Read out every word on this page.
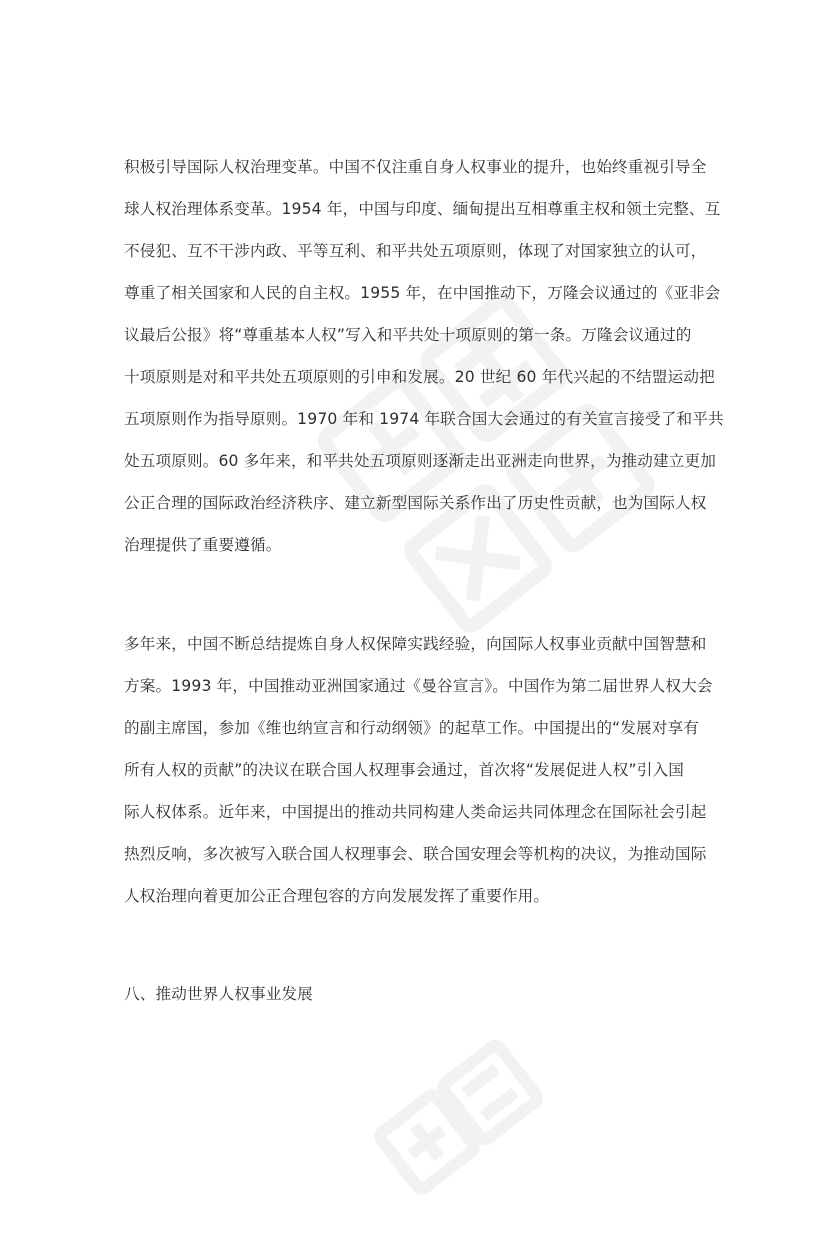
积极引导国际人权治理变革。中国不仅注重自身人权事业的提升，也始终重视引导全
球人权治理体系变革。1954 年，中国与印度、缅甸提出互相尊重主权和领土完整、互
不侵犯、互不干涉内政、平等互利、和平共处五项原则，体现了对国家独立的认可，
尊重了相关国家和人民的自主权。1955 年，在中国推动下，万隆会议通过的《亚非会
议最后公报》将“尊重基本人权”写入和平共处十项原则的第一条。万隆会议通过的
十项原则是对和平共处五项原则的引申和发展。20 世纪 60 年代兴起的不结盟运动把
五项原则作为指导原则。1970 年和 1974 年联合国大会通过的有关宣言接受了和平共
处五项原则。60 多年来，和平共处五项原则逐渐走出亚洲走向世界，为推动建立更加
公正合理的国际政治经济秩序、建立新型国际关系作出了历史性贡献，也为国际人权
治理提供了重要遵循。
多年来，中国不断总结提炼自身人权保障实践经验，向国际人权事业贡献中国智慧和
方案。1993 年，中国推动亚洲国家通过《曼谷宣言》。中国作为第二届世界人权大会
的副主席国，参加《维也纳宣言和行动纲领》的起草工作。中国提出的“发展对享有
所有人权的贡献”的决议在联合国人权理事会通过，首次将“发展促进人权”引入国
际人权体系。近年来，中国提出的推动共同构建人类命运共同体理念在国际社会引起
热烈反响，多次被写入联合国人权理事会、联合国安理会等机构的决议，为推动国际
人权治理向着更加公正合理包容的方向发展发挥了重要作用。
八、推动世界人权事业发展
